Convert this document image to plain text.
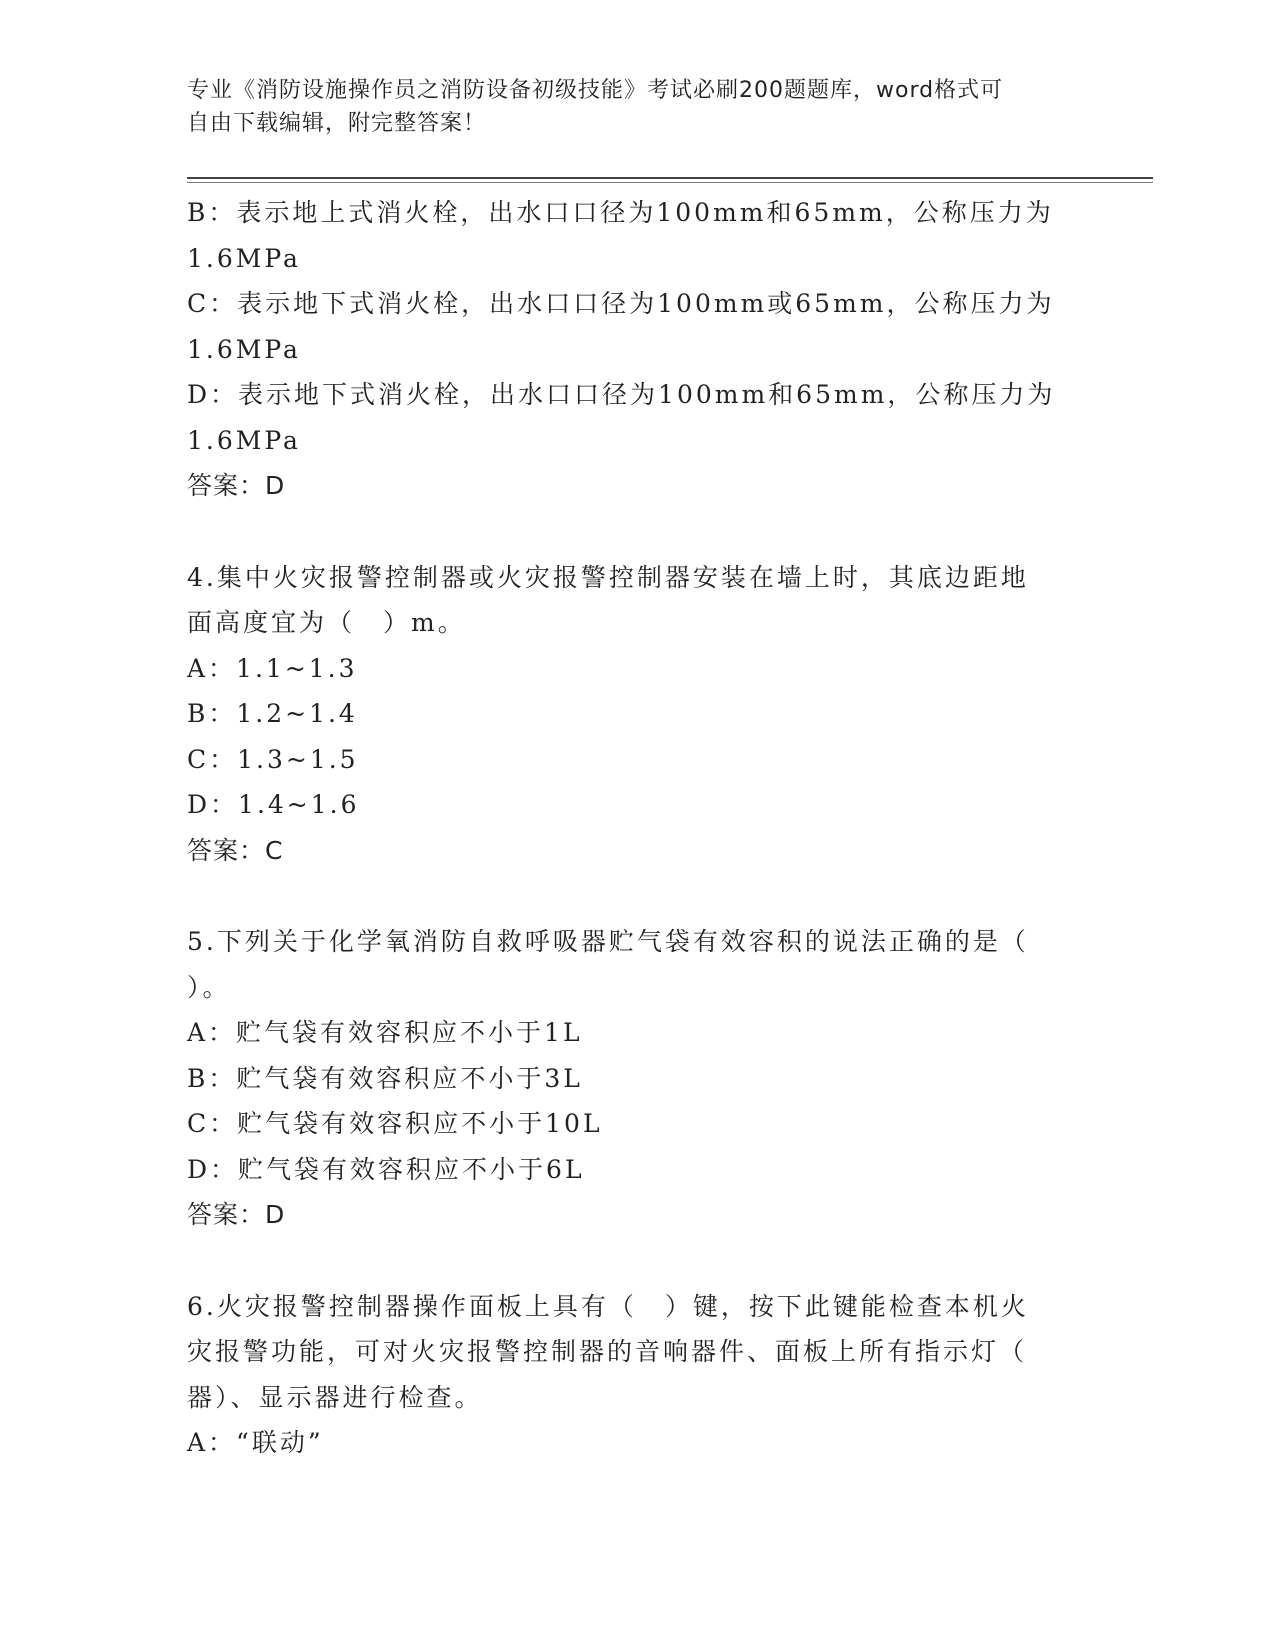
专业《消防设施操作员之消防设备初级技能》考试必刷200题题库，word格式可
自由下载编辑，附完整答案！
B：表示地上式消火栓，出水口口径为100mm和65mm，公称压力为
1.6MPa
C：表示地下式消火栓，出水口口径为100mm或65mm，公称压力为
1.6MPa
D：表示地下式消火栓，出水口口径为100mm和65mm，公称压力为
1.6MPa
答案：D
4.集中火灾报警控制器或火灾报警控制器安装在墙上时，其底边距地
面高度宜为（　）m。
A：1.1~1.3
B：1.2~1.4
C：1.3~1.5
D：1.4~1.6
答案：C
5.下列关于化学氧消防自救呼吸器贮气袋有效容积的说法正确的是（
）。
A：贮气袋有效容积应不小于1L
B：贮气袋有效容积应不小于3L
C：贮气袋有效容积应不小于10L
D：贮气袋有效容积应不小于6L
答案：D
6.火灾报警控制器操作面板上具有（　）键，按下此键能检查本机火
灾报警功能，可对火灾报警控制器的音响器件、面板上所有指示灯（
器）、显示器进行检查。
A：“联动”
